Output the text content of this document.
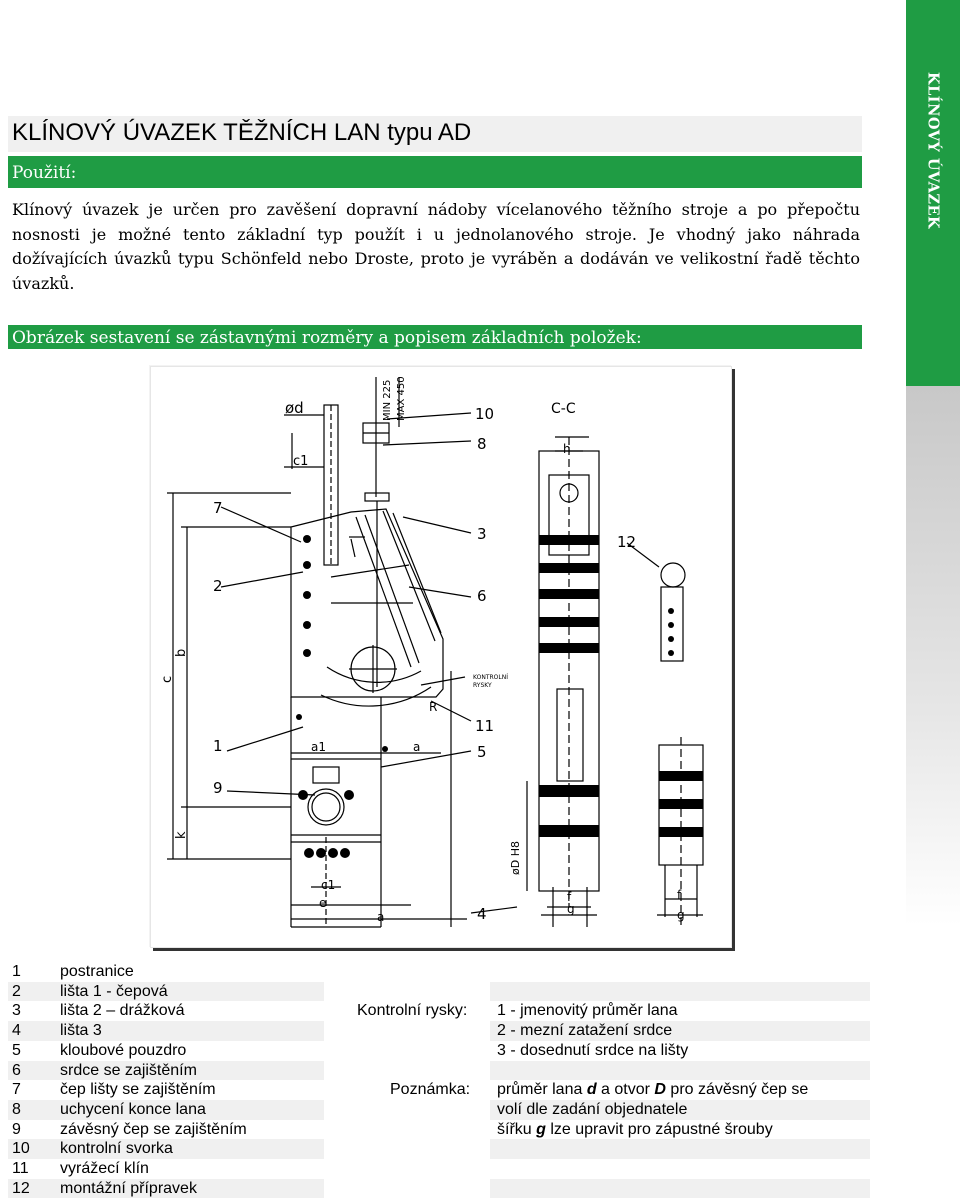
KLÍNOVÝ ÚVAZEK
KLÍNOVÝ ÚVAZEK TĚŽNÍCH LAN typu AD
Použití:
Klínový úvazek je určen pro zavěšení dopravní nádoby vícelanového těžního stroje a po přepočtu nosnosti je možné tento základní typ použít i u jednolanového stroje. Je vhodný jako náhrada dožívajících úvazků typu Schönfeld nebo Droste, proto je vyráběn a dodáván ve velikostní řadě těchto úvazků.
Obrázek sestavení se zástavnými rozměry a popisem základních položek:
ød
c1
MIN 225 MAX 450	C-C
h
b
c
k
a1	a
c1
e
a
øD H8
f
g
f
g
R
KONTROLNÍ
RYSKY
1
2
3
4
5
6
7
8
9
10
11
12
1 postranice
2 lišta 1 - čepová
3 lišta 2 – drážková
4 lišta 3
5 kloubové pouzdro
6 srdce se zajištěním
7 čep lišty se zajištěním
8 uchycení konce lana
9 závěsný čep se zajištěním
10 kontrolní svorka
11 vyrážecí klín
12 montážní přípravek
Kontrolní rysky: 1 - jmenovitý průměr lana
2 - mezní zatažení srdce
3 - dosednutí srdce na lišty
Poznámka: průměr lana d a otvor D pro závěsný čep se
volí dle zadání objednatele
šířku g lze upravit pro zápustné šrouby
